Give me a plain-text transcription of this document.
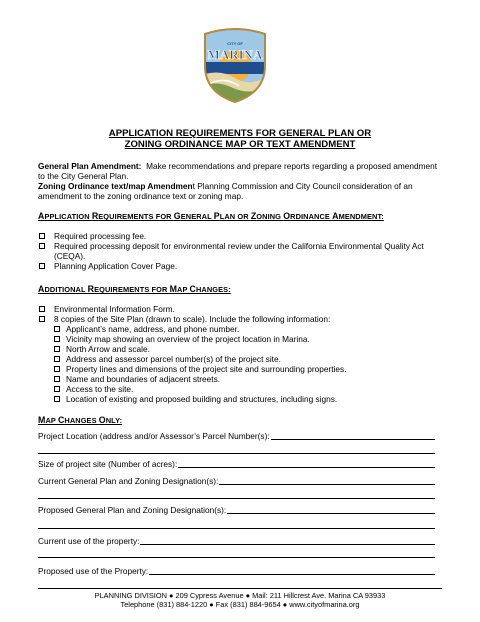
CITY OF
MARINA
APPLICATION REQUIREMENTS FOR GENERAL PLAN OR
ZONING ORDINANCE MAP OR TEXT AMENDMENT
General Plan Amendment: Make recommendations and prepare reports regarding a proposed amendment to the City General Plan.
Zoning Ordinance text/map Amendment Planning Commission and City Council consideration of an amendment to the zoning ordinance text or zoning map.
APPLICATION REQUIREMENTS FOR GENERAL PLAN OR ZONING ORDINANCE AMENDMENT:
Required processing fee.
Required processing deposit for environmental review under the California Environmental Quality Act (CEQA).
Planning Application Cover Page.
ADDITIONAL REQUIREMENTS FOR MAP CHANGES:
Environmental Information Form.
8 copies of the Site Plan (drawn to scale). Include the following information:
Applicant’s name, address, and phone number.
Vicinity map showing an overview of the project location in Marina.
North Arrow and scale.
Address and assessor parcel number(s) of the project site.
Property lines and dimensions of the project site and surrounding properties.
Name and boundaries of adjacent streets.
Access to the site.
Location of existing and proposed building and structures, including signs.
MAP CHANGES ONLY:
Project Location (address and/or Assessor’s Parcel Number(s):
Size of project site (Number of acres):
Current General Plan and Zoning Designation(s):
Proposed General Plan and Zoning Designation(s):
Current use of the property:
Proposed use of the Property:
PLANNING DIVISION ● 209 Cypress Avenue ● Mail: 211 Hillcrest Ave. Marina CA 93933
Telephone (831) 884-1220 ● Fax (831) 884-9654 ● www.cityofmarina.org
